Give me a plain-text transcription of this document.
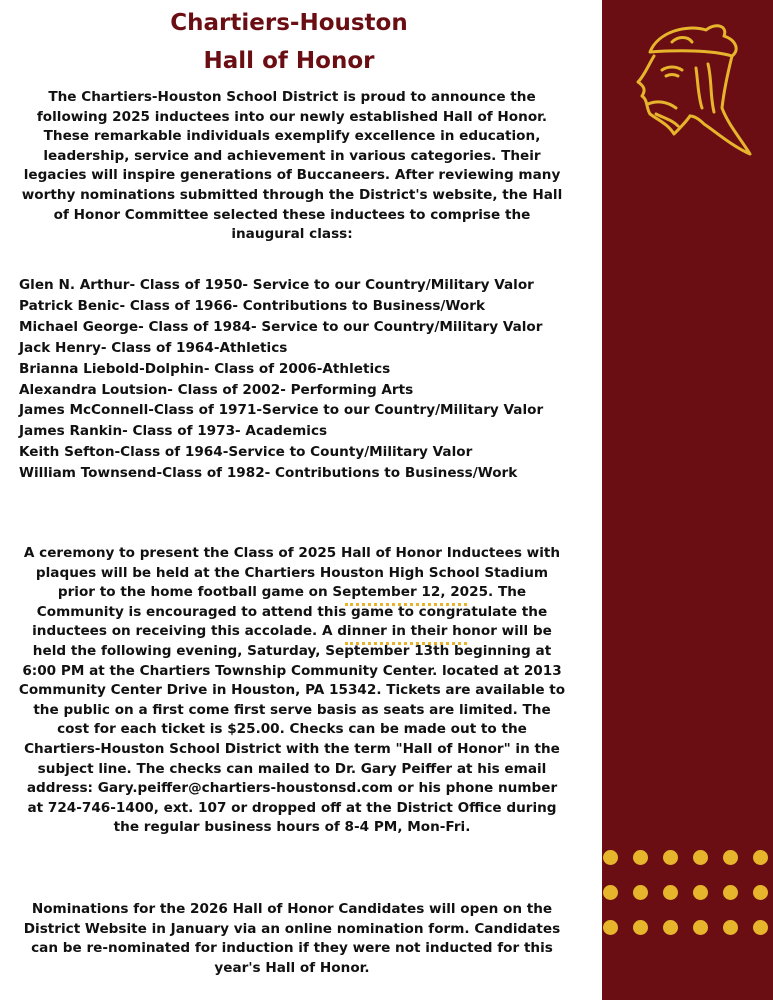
Chartiers-Houston
Hall of Honor

The Chartiers-Houston School District is proud to announce the following 2025 inductees into our newly established Hall of Honor. These remarkable individuals exemplify excellence in education, leadership, service and achievement in various categories. Their legacies will inspire generations of Buccaneers. After reviewing many worthy nominations submitted through the District's website, the Hall of Honor Committee selected these inductees to comprise the inaugural class:

Glen N. Arthur- Class of 1950- Service to our Country/Military Valor
Patrick Benic- Class of 1966- Contributions to Business/Work
Michael George- Class of 1984- Service to our Country/Military Valor
Jack Henry- Class of 1964-Athletics
Brianna Liebold-Dolphin- Class of 2006-Athletics
Alexandra Loutsion- Class of 2002- Performing Arts
James McConnell-Class of 1971-Service to our Country/Military Valor
James Rankin- Class of 1973- Academics
Keith Sefton-Class of 1964-Service to County/Military Valor
William Townsend-Class of 1982- Contributions to Business/Work

A ceremony to present the Class of 2025 Hall of Honor Inductees with plaques will be held at the Chartiers Houston High School Stadium prior to the home football game on September 12, 2025. The Community is encouraged to attend this game to congratulate the inductees on receiving this accolade. A dinner in their honor will be held the following evening, Saturday, September 13th beginning at 6:00 PM at the Chartiers Township Community Center. located at 2013 Community Center Drive in Houston, PA 15342. Tickets are available to the public on a first come first serve basis as seats are limited. The cost for each ticket is $25.00. Checks can be made out to the Chartiers-Houston School District with the term "Hall of Honor" in the subject line. The checks can mailed to Dr. Gary Peiffer at his email address: Gary.peiffer@chartiers-houstonsd.com or his phone number at 724-746-1400, ext. 107 or dropped off at the District Office during the regular business hours of 8-4 PM, Mon-Fri.

Nominations for the 2026 Hall of Honor Candidates will open on the District Website in January via an online nomination form. Candidates can be re-nominated for induction if they were not inducted for this year's Hall of Honor.
